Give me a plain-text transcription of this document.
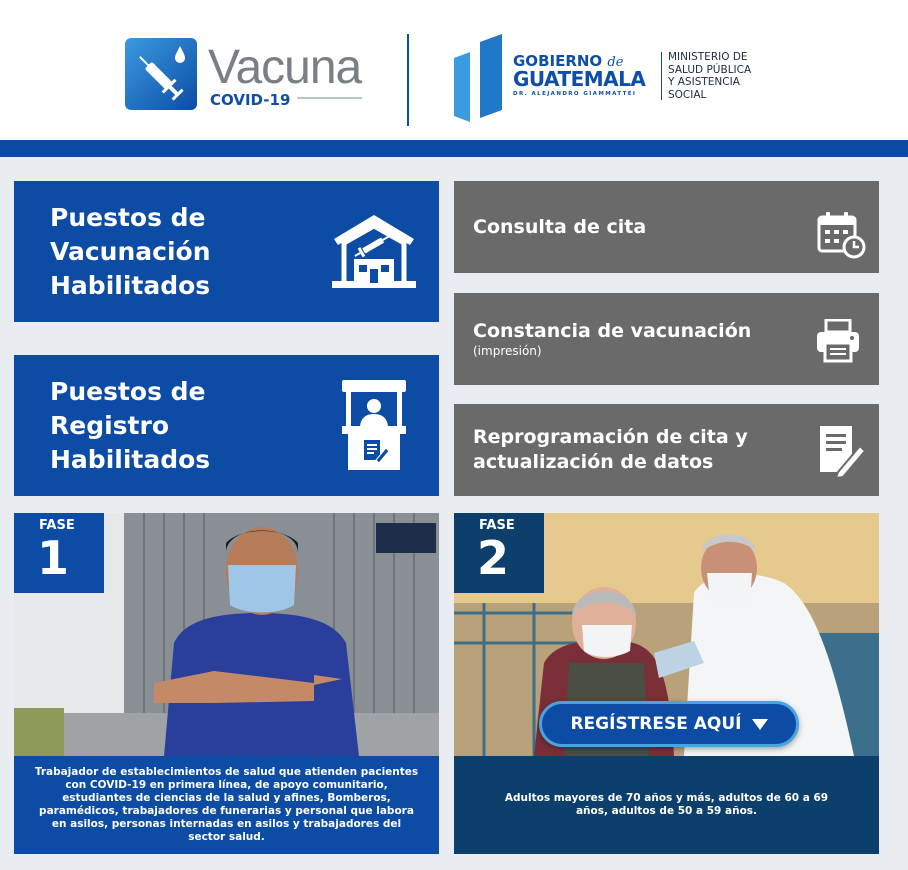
Vacuna
COVID-19
GOBIERNO de
GUATEMALA
DR. ALEJANDRO GIAMMATTEI
MINISTERIO DE
SALUD PÚBLICA
Y ASISTENCIA
SOCIAL
Puestos de
Vacunación
Habilitados
Puestos de
Registro
Habilitados
Consulta de cita
Constancia de vacunación
(impresión)
Reprogramación de cita y
actualización de datos
FASE
1
Trabajador de establecimientos de salud que atienden pacientes con COVID-19 en primera línea, de apoyo comunitario, estudiantes de ciencias de la salud y afines, Bomberos, paramédicos, trabajadores de funerarias y personal que labora en asilos, personas internadas en asilos y trabajadores del sector salud.
FASE
2
REGÍSTRESE AQUÍ
Adultos mayores de 70 años y más, adultos de 60 a 69 años, adultos de 50 a 59 años.
